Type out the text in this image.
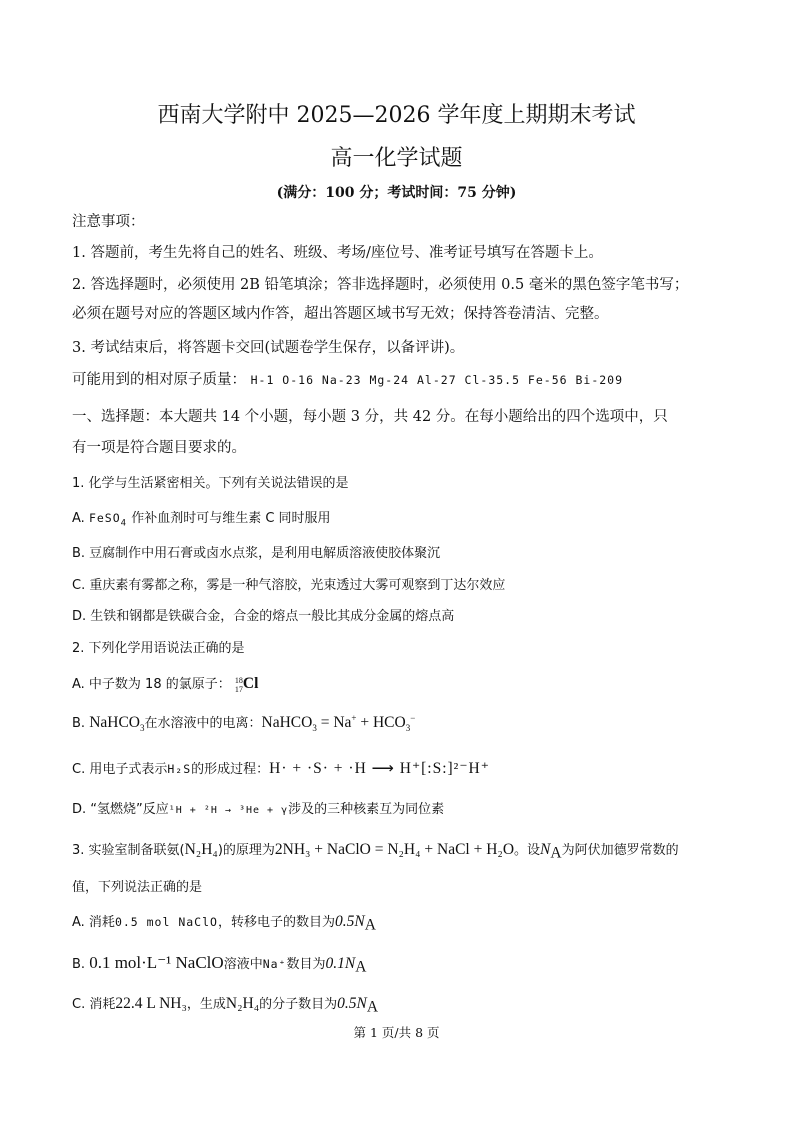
西南大学附中 2025—2026 学年度上期期末考试
高一化学试题
(满分：100 分；考试时间：75 分钟)
注意事项：
1. 答题前，考生先将自己的姓名、班级、考场/座位号、准考证号填写在答题卡上。
2. 答选择题时，必须使用 2B 铅笔填涂；答非选择题时，必须使用 0.5 毫米的黑色签字笔书写；
必须在题号对应的答题区域内作答，超出答题区域书写无效；保持答卷清洁、完整。
3. 考试结束后，将答题卡交回(试题卷学生保存，以备评讲)。
可能用到的相对原子质量： H-1 O-16 Na-23 Mg-24 Al-27 Cl-35.5 Fe-56 Bi-209
一、选择题：本大题共 14 个小题，每小题 3 分，共 42 分。在每小题给出的四个选项中，只
有一项是符合题目要求的。
1. 化学与生活紧密相关。下列有关说法错误的是
A. FeSO$_4$ 作补血剂时可与维生素 C 同时服用
B. 豆腐制作中用石膏或卤水点浆，是利用电解质溶液使胶体聚沉
C. 重庆素有雾都之称，雾是一种气溶胶，光束透过大雾可观察到丁达尔效应
D. 生铁和钢都是铁碳合金，合金的熔点一般比其成分金属的熔点高
2. 下列化学用语说法正确的是
A. 中子数为 18 的氯原子： 18
17Cl
B. NaHCO$_3$在水溶液中的电离：NaHCO$_3$ = $Na^+ + HCO_3^-$
C. 用电子式表示H₂S的形成过程：H· + ·S· + ·H ⟶ H⁺[:S:]²⁻H⁺
D. “氢燃烧”反应¹H + ²H → ³He + γ涉及的三种核素互为同位素
3. 实验室制备联氨(N₂H₄)的原理为2NH₃ + NaClO = N₂H₄ + NaCl + H₂O。设$N_A$为阿伏加德罗常数的
值，下列说法正确的是
A. 消耗0.5 mol NaClO，转移电子的数目为$0.5N_A$
B. 0.1 mol·L⁻¹ NaClO溶液中Na⁺数目为$0.1N_A$
C. 消耗22.4 L NH₃，生成N₂H₄的分子数目为$0.5N_A$
第 1 页/共 8 页
